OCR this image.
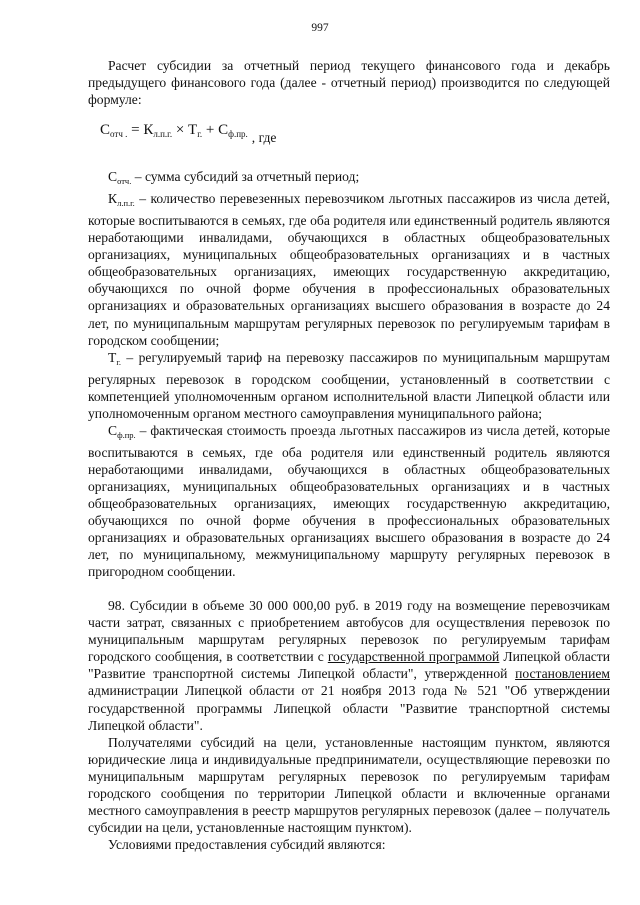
997

Расчет субсидии за отчетный период текущего финансового года и декабрь предыдущего финансового года (далее - отчетный период) производится по следующей формуле:

$C_{отч .} = К_{л.п.г.} \times Т_{г.} + С_{ф.пр.}$ , где

$С_{отч.}$ – сумма субсидий за отчетный период;

$К_{л.п.г.}$ – количество перевезенных перевозчиком льготных пассажиров из числа детей, которые воспитываются в семьях, где оба родителя или единственный родитель являются неработающими инвалидами, обучающихся в областных общеобразовательных организациях, муниципальных общеобразовательных организациях и в частных общеобразовательных организациях, имеющих государственную аккредитацию, обучающихся по очной форме обучения в профессиональных образовательных организациях и образовательных организациях высшего образования в возрасте до 24 лет, по муниципальным маршрутам регулярных перевозок по регулируемым тарифам в городском сообщении;

$Т_{г.}$ – регулируемый тариф на перевозку пассажиров по муниципальным маршрутам регулярных перевозок в городском сообщении, установленный в соответствии с компетенцией уполномоченным органом исполнительной власти Липецкой области или уполномоченным органом местного самоуправления муниципального района;

$С_{ф.пр.}$ – фактическая стоимость проезда льготных пассажиров из числа детей, которые воспитываются в семьях, где оба родителя или единственный родитель являются неработающими инвалидами, обучающихся в областных общеобразовательных организациях, муниципальных общеобразовательных организациях и в частных общеобразовательных организациях, имеющих государственную аккредитацию, обучающихся по очной форме обучения в профессиональных образовательных организациях и образовательных организациях высшего образования в возрасте до 24 лет, по муниципальному, межмуниципальному маршруту регулярных перевозок в пригородном сообщении.

98. Субсидии в объеме 30 000 000,00 руб. в 2019 году на возмещение перевозчикам части затрат, связанных с приобретением автобусов для осуществления перевозок по муниципальным маршрутам регулярных перевозок по регулируемым тарифам городского сообщения, в соответствии с государственной программой Липецкой области "Развитие транспортной системы Липецкой области", утвержденной постановлением администрации Липецкой области от 21 ноября 2013 года № 521 "Об утверждении государственной программы Липецкой области "Развитие транспортной системы Липецкой области".

Получателями субсидий на цели, установленные настоящим пунктом, являются юридические лица и индивидуальные предприниматели, осуществляющие перевозки по муниципальным маршрутам регулярных перевозок по регулируемым тарифам городского сообщения по территории Липецкой области и включенные органами местного самоуправления в реестр маршрутов регулярных перевозок (далее – получатель субсидии на цели, установленные настоящим пунктом).

Условиями предоставления субсидий являются:
